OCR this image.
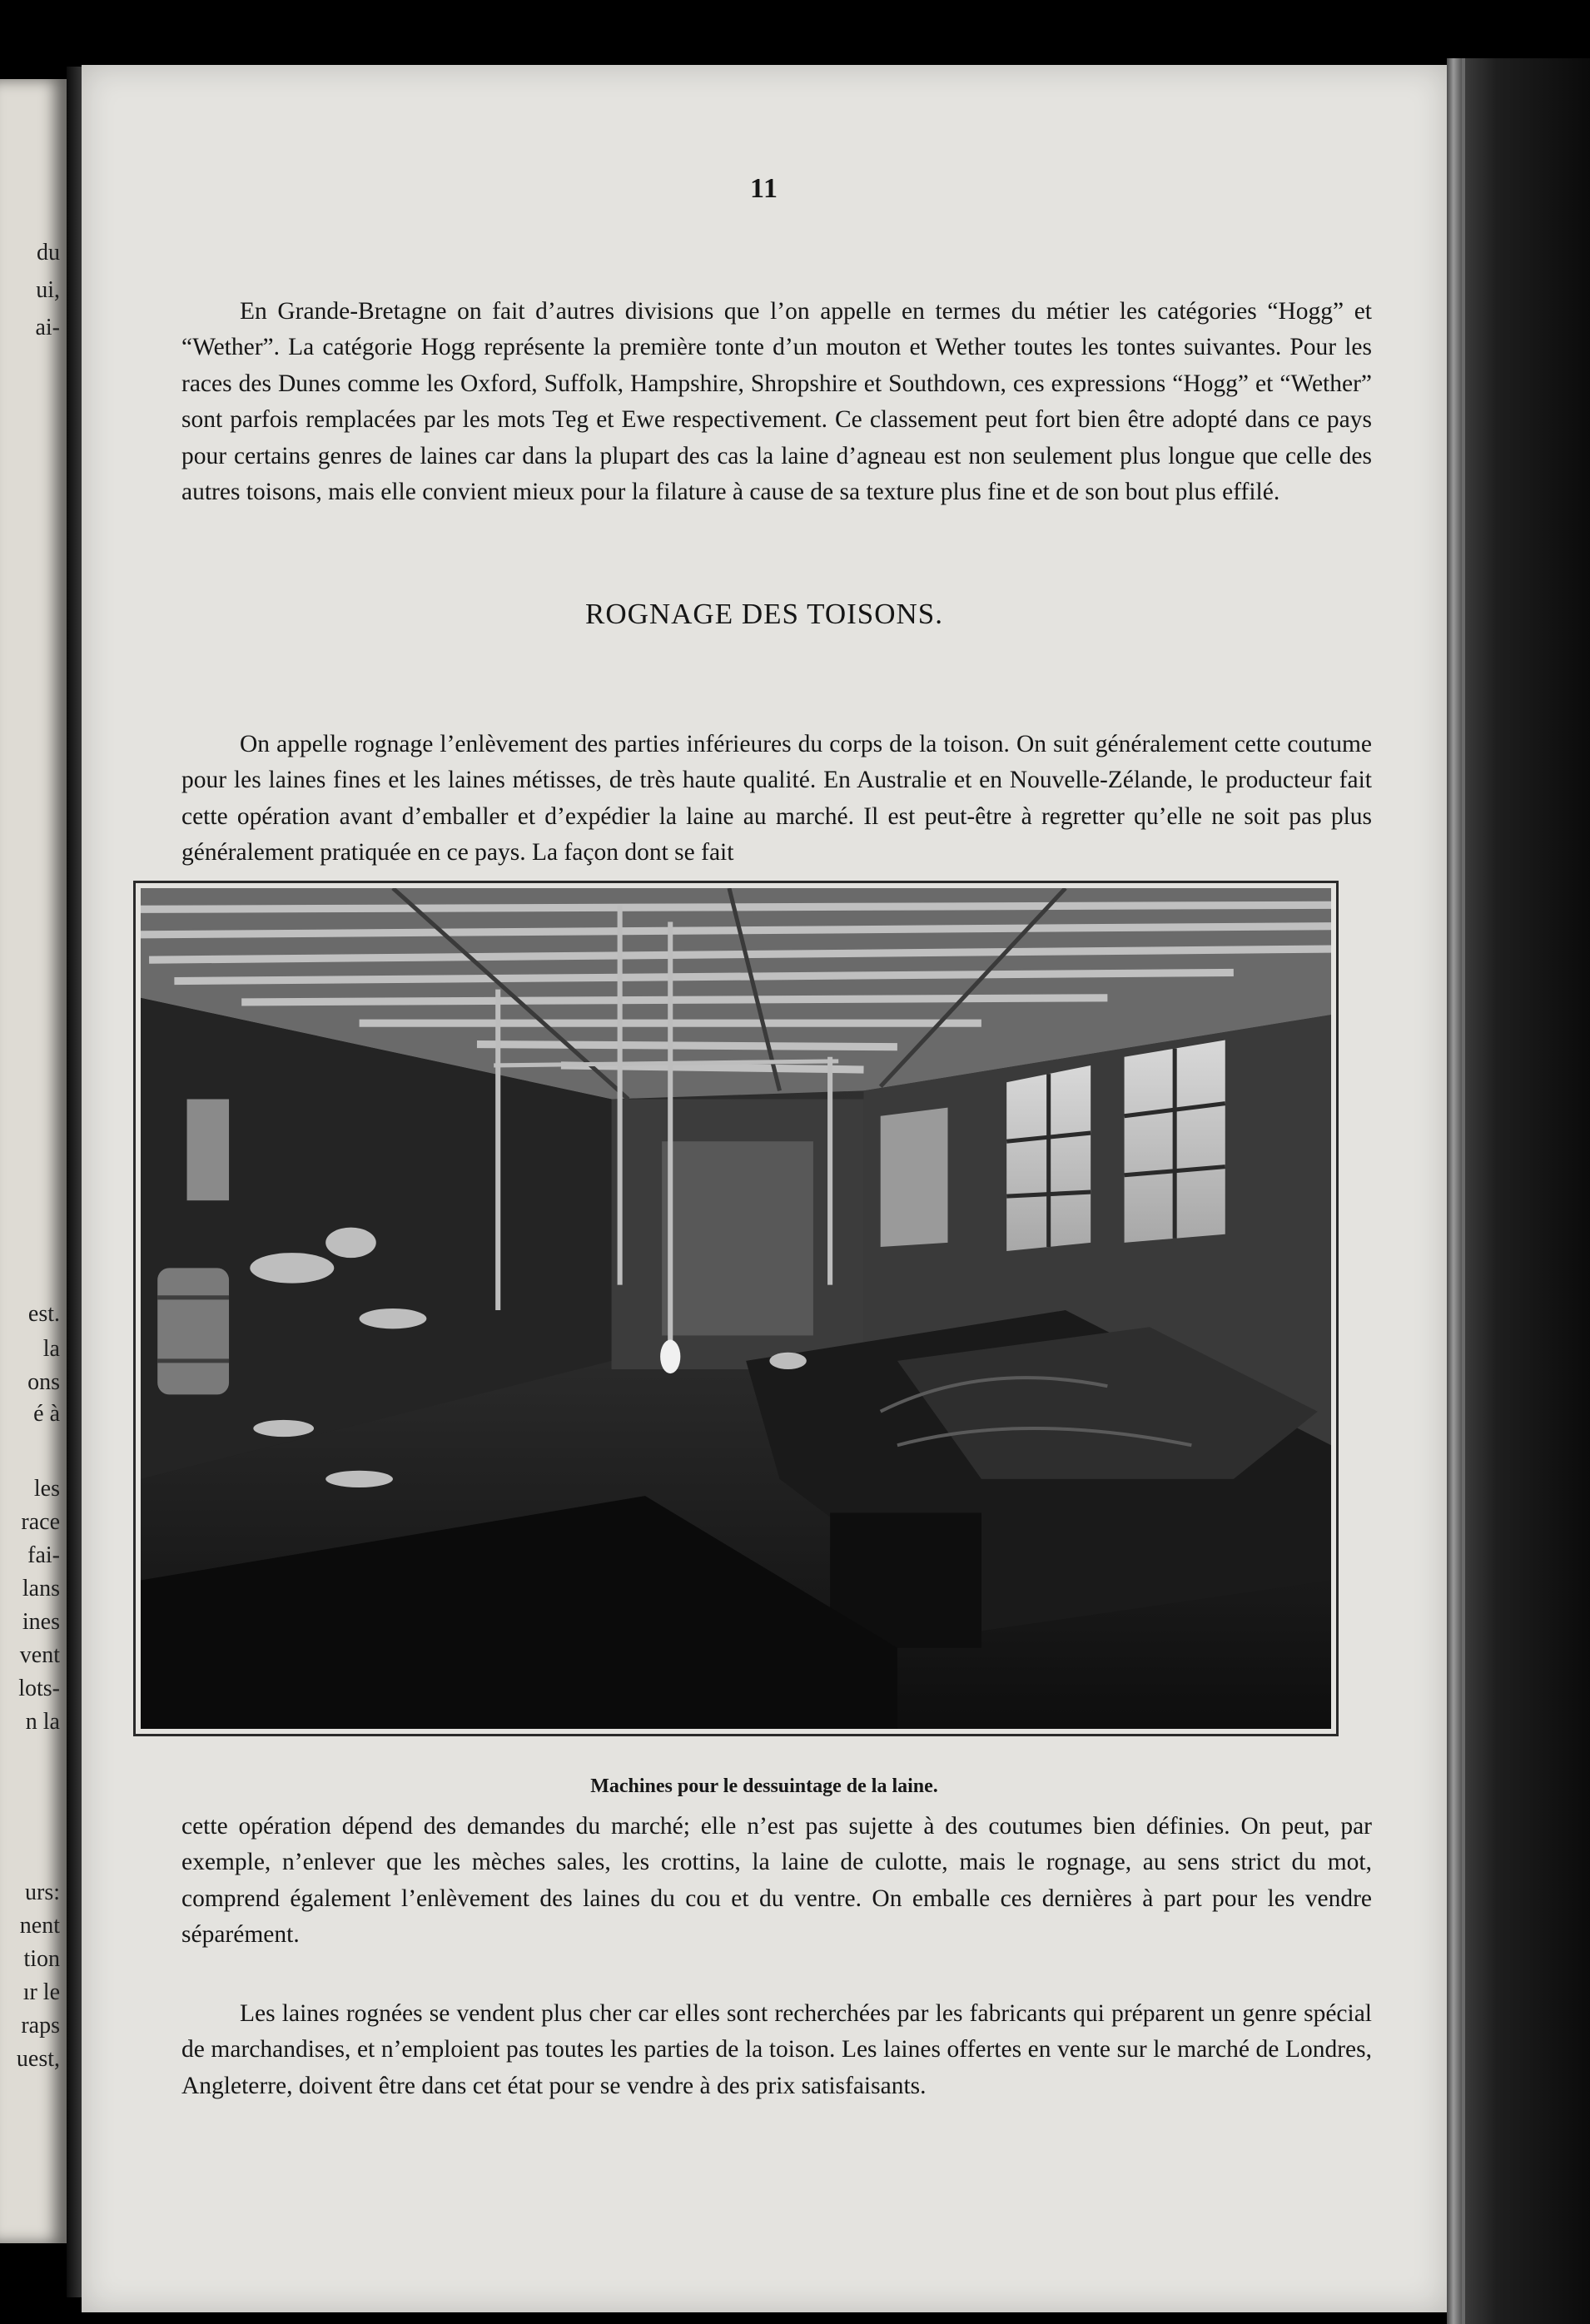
du
ui,
ai-
est.
la
ons
é à
les
race
fai-
lans
ines
vent
lots-
n la
urs:
nent
tion
ır le
raps
uest,
11

En Grande-Bretagne on fait d’autres divisions que l’on appelle en termes du métier les catégories “Hogg” et “Wether”. La catégorie Hogg représente la première tonte d’un mouton et Wether toutes les tontes suivantes. Pour les races des Dunes comme les Oxford, Suffolk, Hampshire, Shropshire et Southdown, ces expressions “Hogg” et “Wether” sont parfois remplacées par les mots Teg et Ewe respectivement. Ce classement peut fort bien être adopté dans ce pays pour certains genres de laines car dans la plupart des cas la laine d’agneau est non seulement plus longue que celle des autres toisons, mais elle convient mieux pour la filature à cause de sa texture plus fine et de son bout plus effilé.

ROGNAGE DES TOISONS.

On appelle rognage l’enlèvement des parties inférieures du corps de la toison. On suit généralement cette coutume pour les laines fines et les laines métisses, de très haute qualité. En Australie et en Nouvelle-Zélande, le producteur fait cette opération avant d’emballer et d’expédier la laine au marché. Il est peut-être à regretter qu’elle ne soit pas plus généralement pratiquée en ce pays. La façon dont se fait

Machines pour le dessuintage de la laine.

cette opération dépend des demandes du marché; elle n’est pas sujette à des coutumes bien définies. On peut, par exemple, n’enlever que les mèches sales, les crottins, la laine de culotte, mais le rognage, au sens strict du mot, comprend également l’enlèvement des laines du cou et du ventre. On emballe ces dernières à part pour les vendre séparément.

Les laines rognées se vendent plus cher car elles sont recherchées par les fabricants qui préparent un genre spécial de marchandises, et n’emploient pas toutes les parties de la toison. Les laines offertes en vente sur le marché de Londres, Angleterre, doivent être dans cet état pour se vendre à des prix satisfaisants.
